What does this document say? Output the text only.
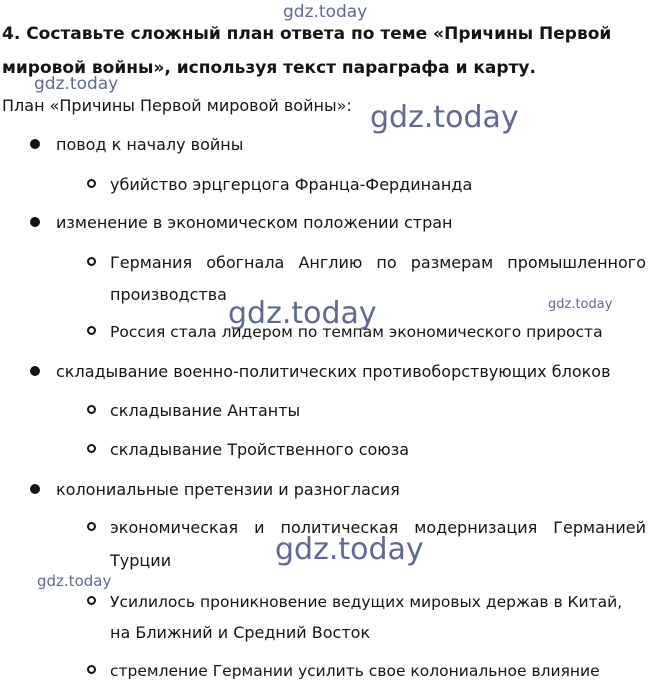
gdz.today
gdz.today
gdz.today
gdz.today	gdz.today
gdz.today
gdz.today
4. Составьте сложный план ответа по теме «Причины Первой
мировой войны», используя текст параграфа и карту.
План «Причины Первой мировой войны»:
повод к началу войны
убийство эрцгерцога Франца-Фердинанда
изменение в экономическом положении стран
Германия обогнала Англию по размерам промышленного
производства
Россия стала лидером по темпам экономического прироста
складывание военно-политических противоборствующих блоков
складывание Антанты
складывание Тройственного союза
колониальные претензии и разногласия
экономическая и политическая модернизация Германией
Турции
Усилилось проникновение ведущих мировых держав в Китай,
на Ближний и Средний Восток
стремление Германии усилить свое колониальное влияние
